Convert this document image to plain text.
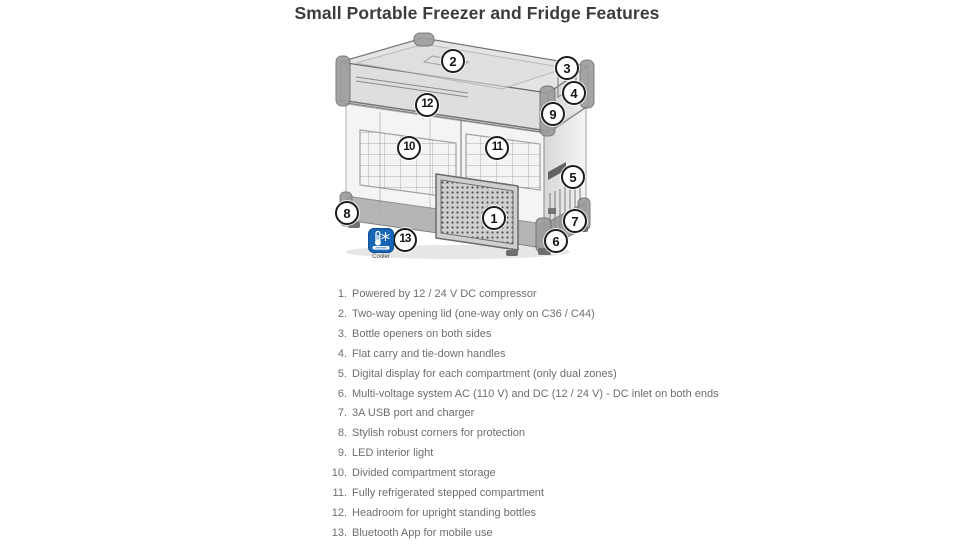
Small Portable Freezer and Fridge Features
1
2	3
4
5
6
7
8
9
10	11
12
13
Cooler
1. Powered by 12 / 24 V DC compressor
2. Two-way opening lid (one-way only on C36 / C44)
3. Bottle openers on both sides
4. Flat carry and tie-down handles
5. Digital display for each compartment (only dual zones)
6. Multi-voltage system AC (110 V) and DC (12 / 24 V) - DC inlet on both ends
7. 3A USB port and charger
8. Stylish robust corners for protection
9. LED interior light
10. Divided compartment storage
11. Fully refrigerated stepped compartment
12. Headroom for upright standing bottles
13. Bluetooth App for mobile use
